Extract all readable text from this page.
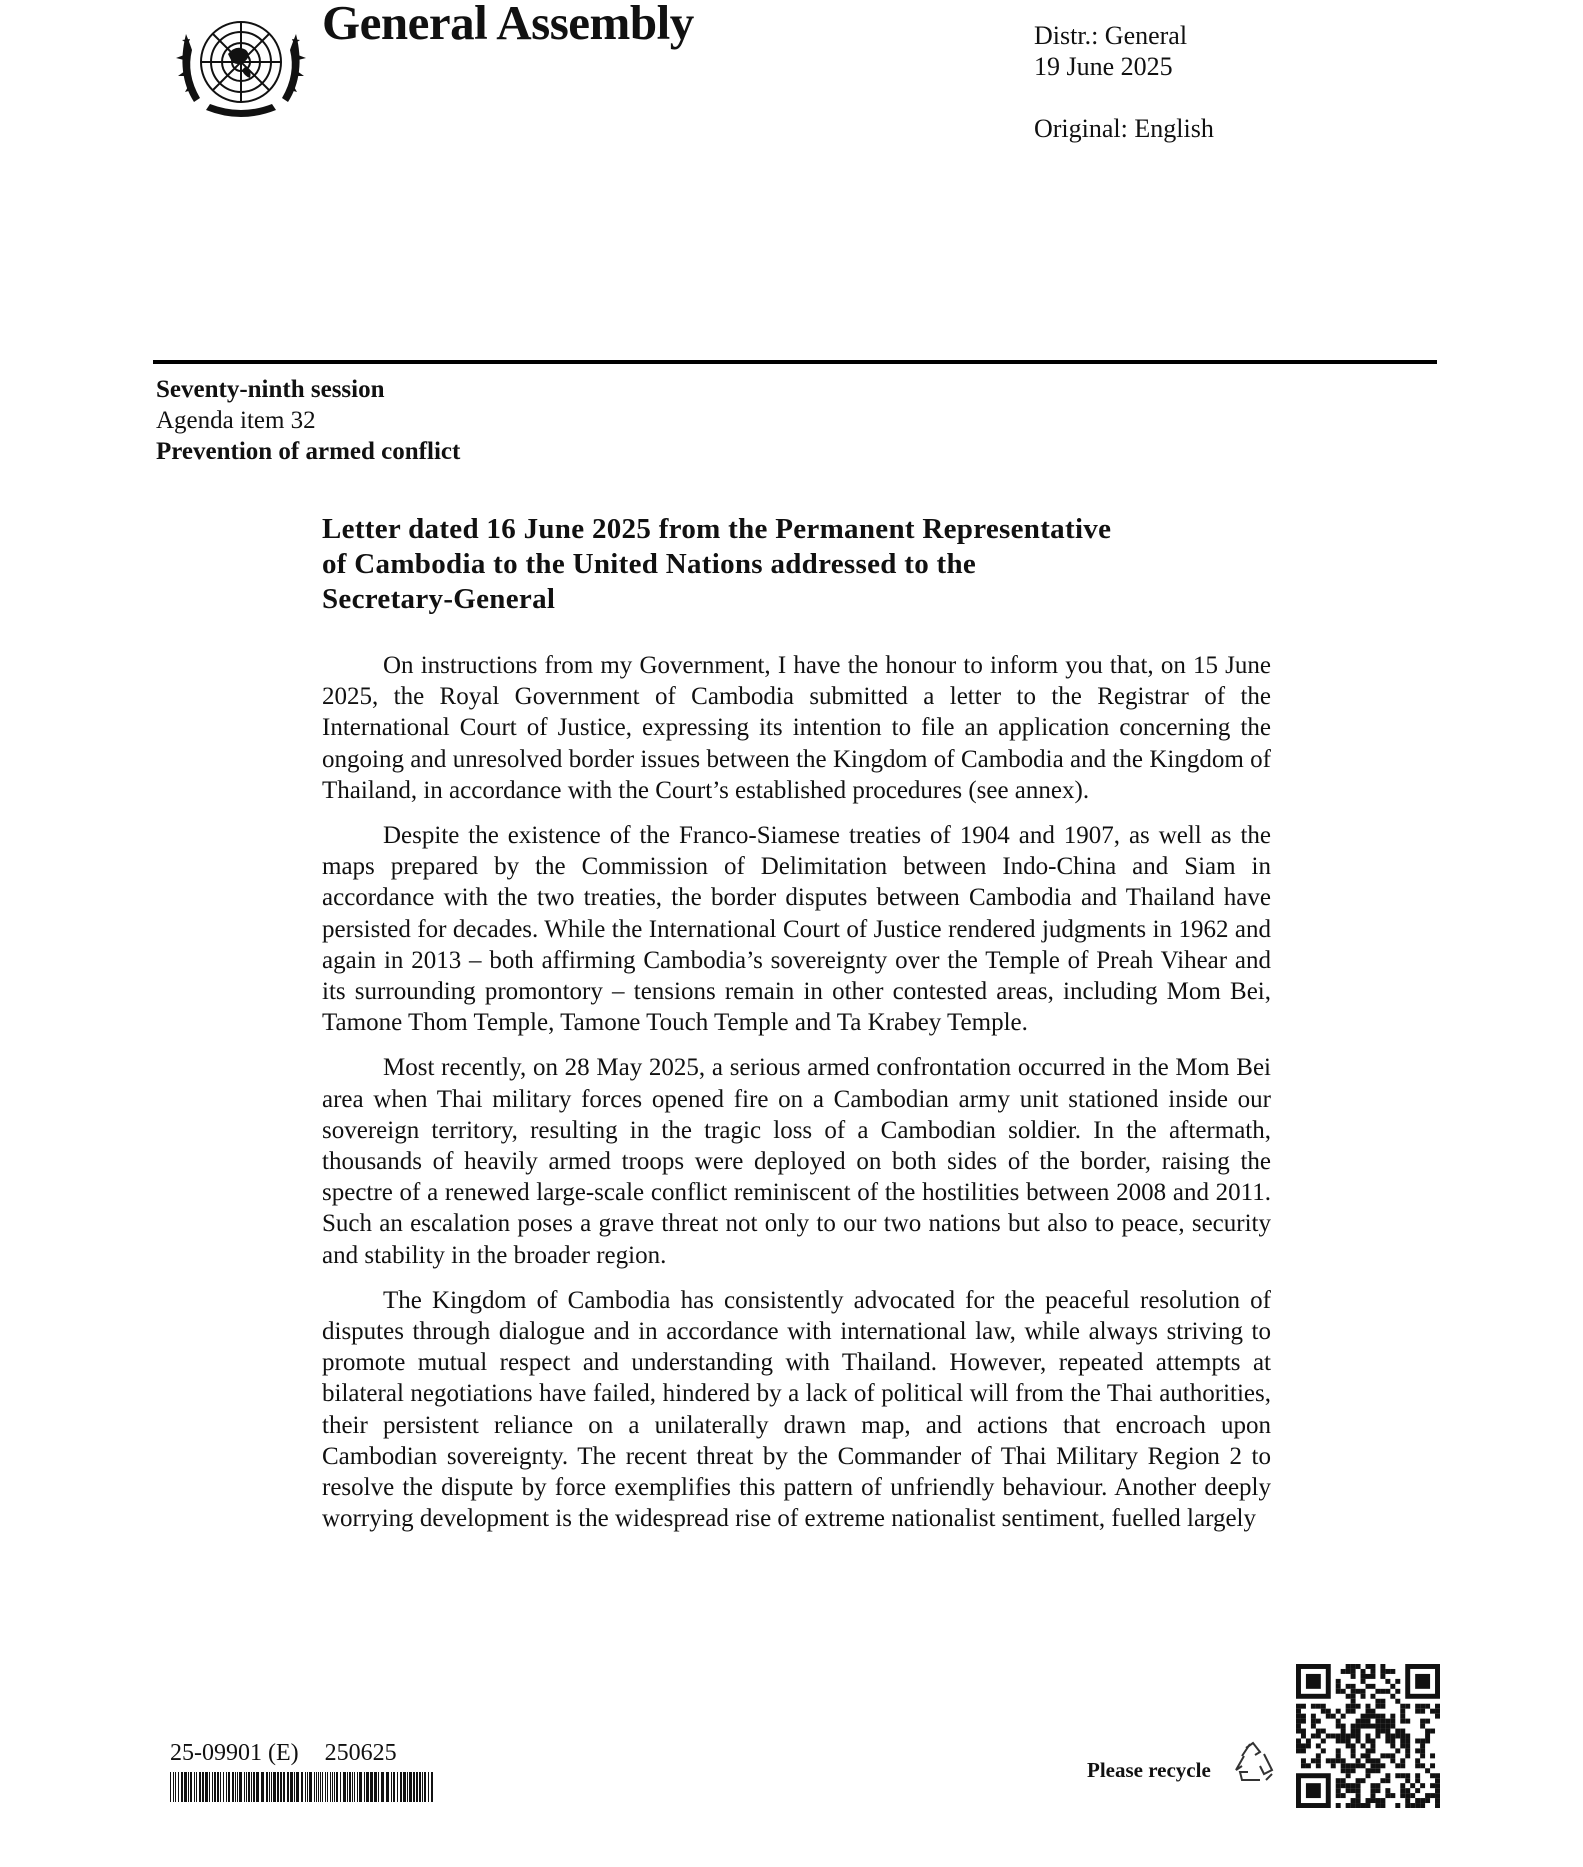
General Assembly	Distr.: General
19 June 2025
Original: English
Seventy-ninth session
Agenda item 32
Prevention of armed conflict
Letter dated 16 June 2025 from the Permanent Representative
of Cambodia to the United Nations addressed to the
Secretary-General

On instructions from my Government, I have the honour to inform you that, on 15 June 2025, the Royal Government of Cambodia submitted a letter to the Registrar of the International Court of Justice, expressing its intention to file an application concerning the ongoing and unresolved border issues between the Kingdom of Cambodia and the Kingdom of Thailand, in accordance with the Court’s established procedures (see annex).

Despite the existence of the Franco-Siamese treaties of 1904 and 1907, as well as the maps prepared by the Commission of Delimitation between Indo-China and Siam in accordance with the two treaties, the border disputes between Cambodia and Thailand have persisted for decades. While the International Court of Justice rendered judgments in 1962 and again in 2013 – both affirming Cambodia’s sovereignty over the Temple of Preah Vihear and its surrounding promontory – tensions remain in other contested areas, including Mom Bei, Tamone Thom Temple, Tamone Touch Temple and Ta Krabey Temple.

Most recently, on 28 May 2025, a serious armed confrontation occurred in the Mom Bei area when Thai military forces opened fire on a Cambodian army unit stationed inside our sovereign territory, resulting in the tragic loss of a Cambodian soldier. In the aftermath, thousands of heavily armed troops were deployed on both sides of the border, raising the spectre of a renewed large-scale conflict reminiscent of the hostilities between 2008 and 2011. Such an escalation poses a grave threat not only to our two nations but also to peace, security and stability in the broader region.

The Kingdom of Cambodia has consistently advocated for the peaceful resolution of disputes through dialogue and in accordance with international law, while always striving to promote mutual respect and understanding with Thailand. However, repeated attempts at bilateral negotiations have failed, hindered by a lack of political will from the Thai authorities, their persistent reliance on a unilaterally drawn map, and actions that encroach upon Cambodian sovereignty. The recent threat by the Commander of Thai Military Region 2 to resolve the dispute by force exemplifies this pattern of unfriendly behaviour. Another deeply worrying development is the widespread rise of extreme nationalist sentiment, fuelled largely

25-09901 (E) 250625
Please recycle
